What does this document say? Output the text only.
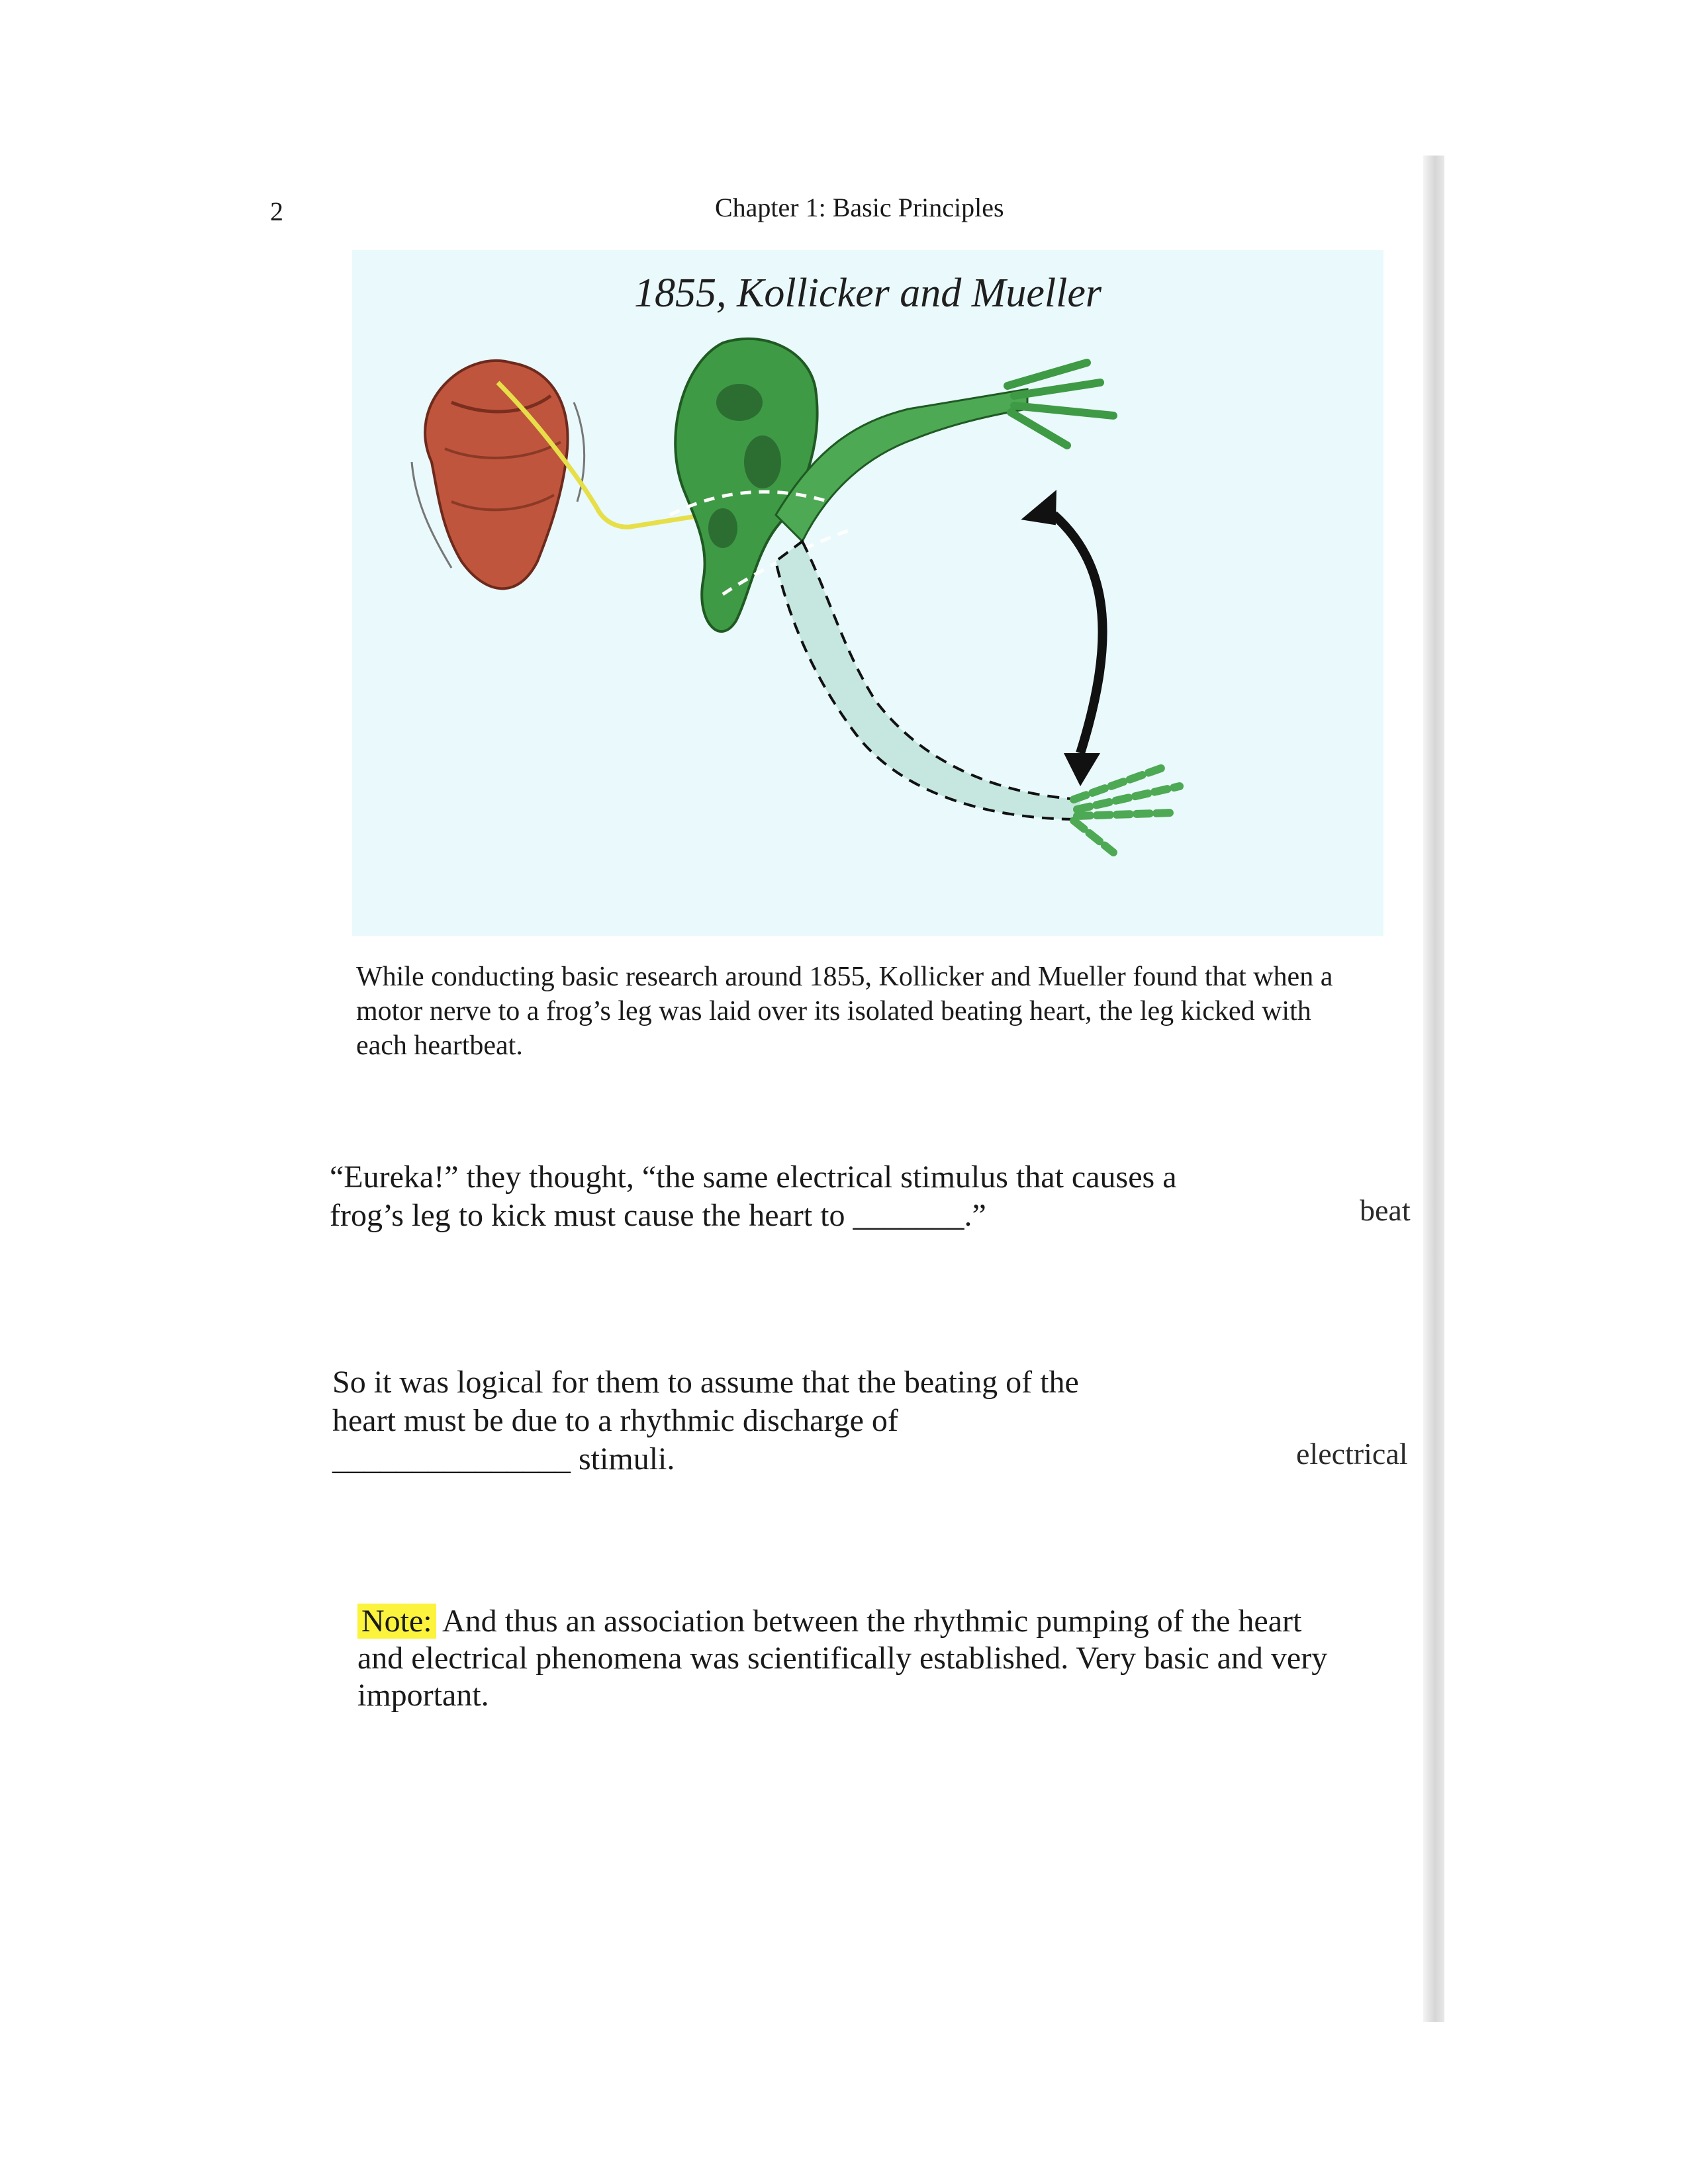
2	Chapter 1: Basic Principles
1855, Kollicker and Mueller
While conducting basic research around 1855, Kollicker and Mueller found that when a motor nerve to a frog’s leg was laid over its isolated beating heart, the leg kicked with each heartbeat.
“Eureka!” they thought, “the same electrical stimulus that causes a frog’s leg to kick must cause the heart to _______.”	beat
So it was logical for them to assume that the beating of the heart must be due to a rhythmic discharge of _______________ stimuli.	electrical
Note: And thus an association between the rhythmic pumping of the heart and electrical phenomena was scientifically established. Very basic and very important.
